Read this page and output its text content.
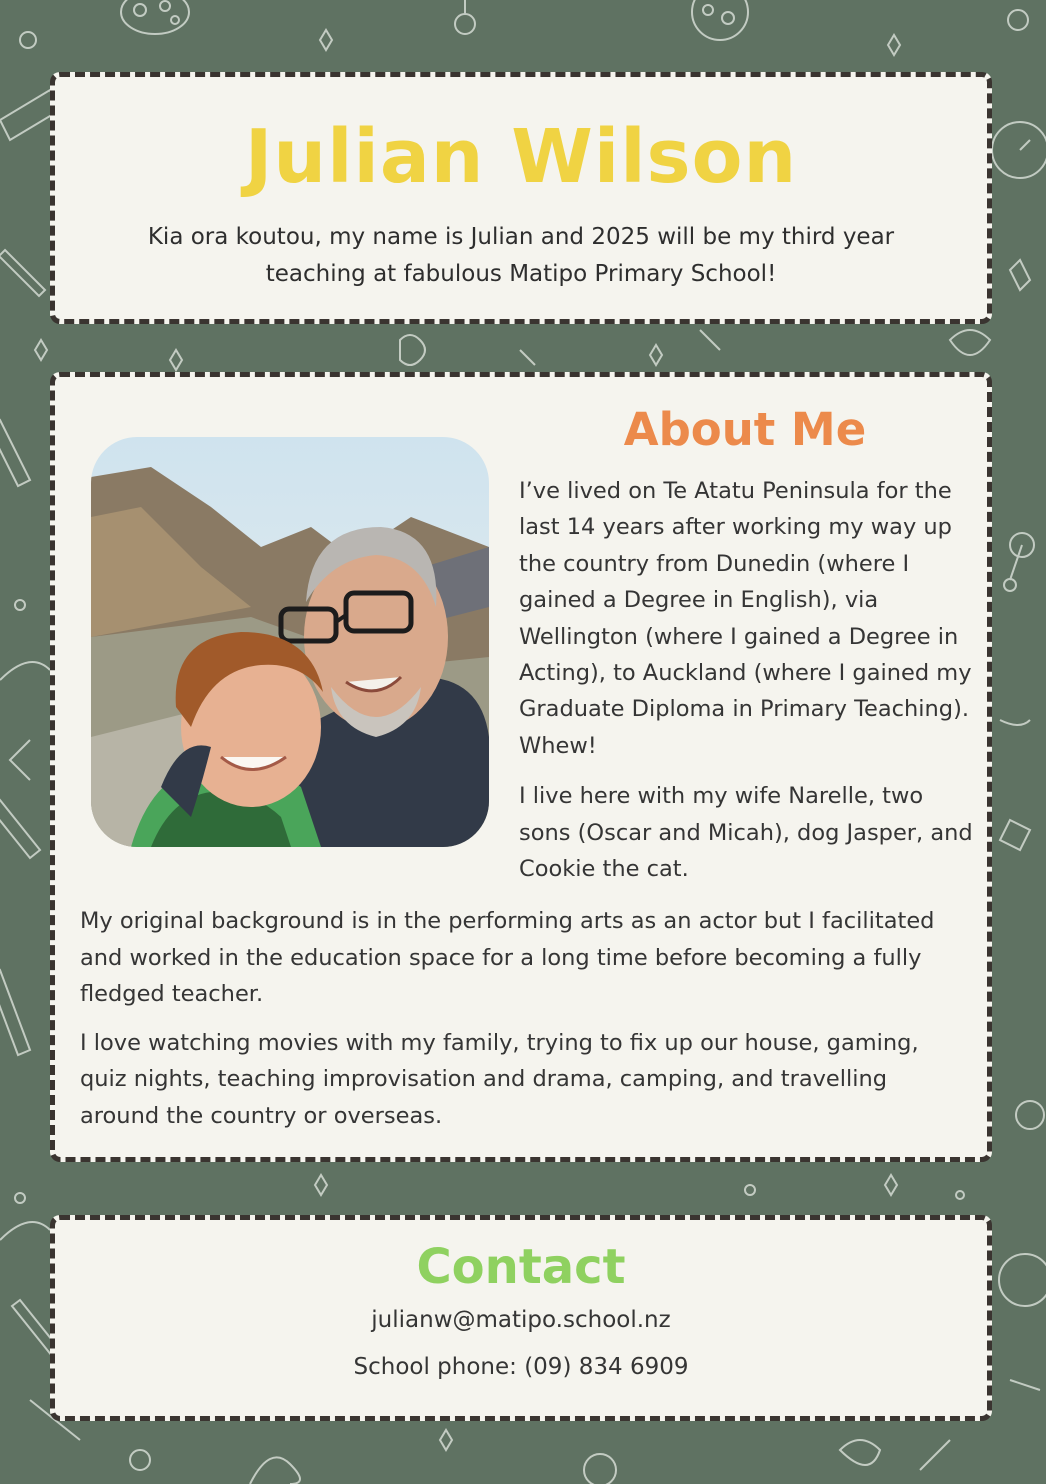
Julian Wilson

Kia ora koutou, my name is Julian and 2025 will be my third year teaching at fabulous Matipo Primary School!

About Me

I’ve lived on Te Atatu Peninsula for the last 14 years after working my way up the country from Dunedin (where I gained a Degree in English), via Wellington (where I gained a Degree in Acting), to Auckland (where I gained my Graduate Diploma in Primary Teaching). Whew!

I live here with my wife Narelle, two sons (Oscar and Micah), dog Jasper, and Cookie the cat.

My original background is in the performing arts as an actor but I facilitated and worked in the education space for a long time before becoming a fully fledged teacher.

I love watching movies with my family, trying to fix up our house, gaming, quiz nights, teaching improvisation and drama, camping, and travelling around the country or overseas.

Contact

julianw@matipo.school.nz

School phone: (09) 834 6909
